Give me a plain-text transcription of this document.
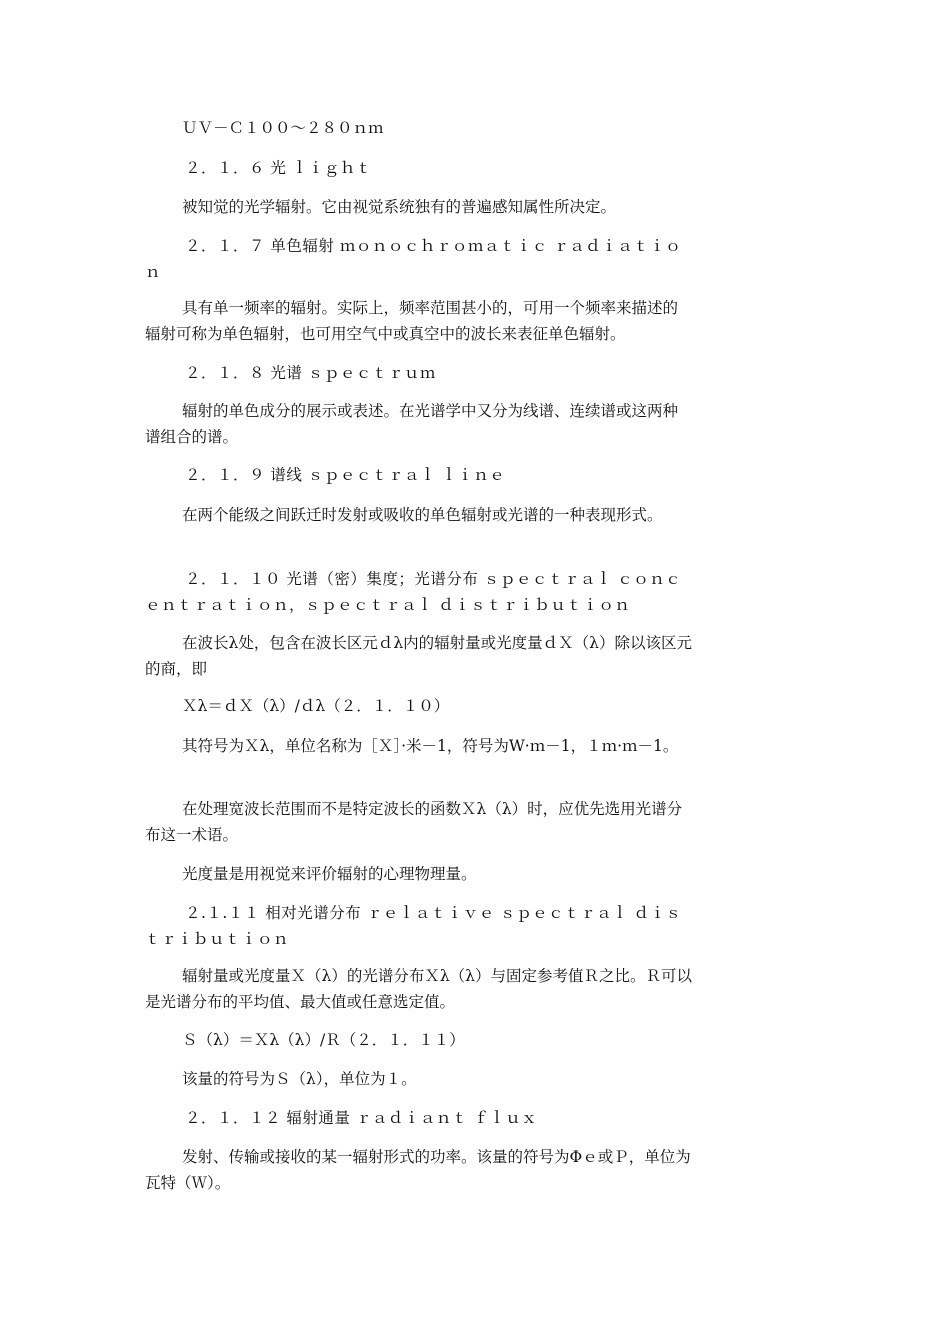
ＵＶ－Ｃ１００～２８０ｎｍ
２．１．６ 光 ｌｉｇｈｔ
被知觉的光学辐射。它由视觉系统独有的普遍感知属性所决定。
２．１．７ 单色辐射 ｍｏｎｏｃｈｒｏｍａｔｉｃ ｒａｄｉａｔｉｏｎ
具有单一频率的辐射。实际上，频率范围甚小的，可用一个频率来描述的辐射可称为单色辐射，也可用空气中或真空中的波长来表征单色辐射。
２．１．８ 光谱 ｓｐｅｃｔｒｕｍ
辐射的单色成分的展示或表述。在光谱学中又分为线谱、连续谱或这两种谱组合的谱。
２．１．９ 谱线 ｓｐｅｃｔｒａｌ ｌｉｎｅ
在两个能级之间跃迁时发射或吸收的单色辐射或光谱的一种表现形式。
２．１．１０ 光谱（密）集度；光谱分布 ｓｐｅｃｔｒａｌ ｃｏｎｃｅｎｔｒａｔｉｏｎ，ｓｐｅｃｔｒａｌ ｄｉｓｔｒｉｂｕｔｉｏｎ
在波长λ处，包含在波长区元ｄλ内的辐射量或光度量ｄＸ（λ）除以该区元的商，即
Ｘλ＝ｄＸ（λ）/ｄλ（２．１．１０）
其符号为Ｘλ，单位名称为［Ｘ］·米－1，符号为W·ｍ－1，１ｍ·ｍ－1。
在处理宽波长范围而不是特定波长的函数Ｘλ（λ）时，应优先选用光谱分布这一术语。
光度量是用视觉来评价辐射的心理物理量。
２.１.１１ 相对光谱分布 ｒｅｌａｔｉｖｅ ｓｐｅｃｔｒａｌ ｄｉｓｔｒｉｂｕｔｉｏｎ
辐射量或光度量Ｘ（λ）的光谱分布Ｘλ（λ）与固定参考值Ｒ之比。Ｒ可以是光谱分布的平均值、最大值或任意选定值。
Ｓ（λ）＝Ｘλ（λ）/Ｒ（２．１．１１）
该量的符号为Ｓ（λ），单位为１。
２．１．１２ 辐射通量 ｒａｄｉａｎｔ ｆｌｕｘ
发射、传输或接收的某一辐射形式的功率。该量的符号为Φｅ或Ｐ，单位为瓦特（Ｗ）。
